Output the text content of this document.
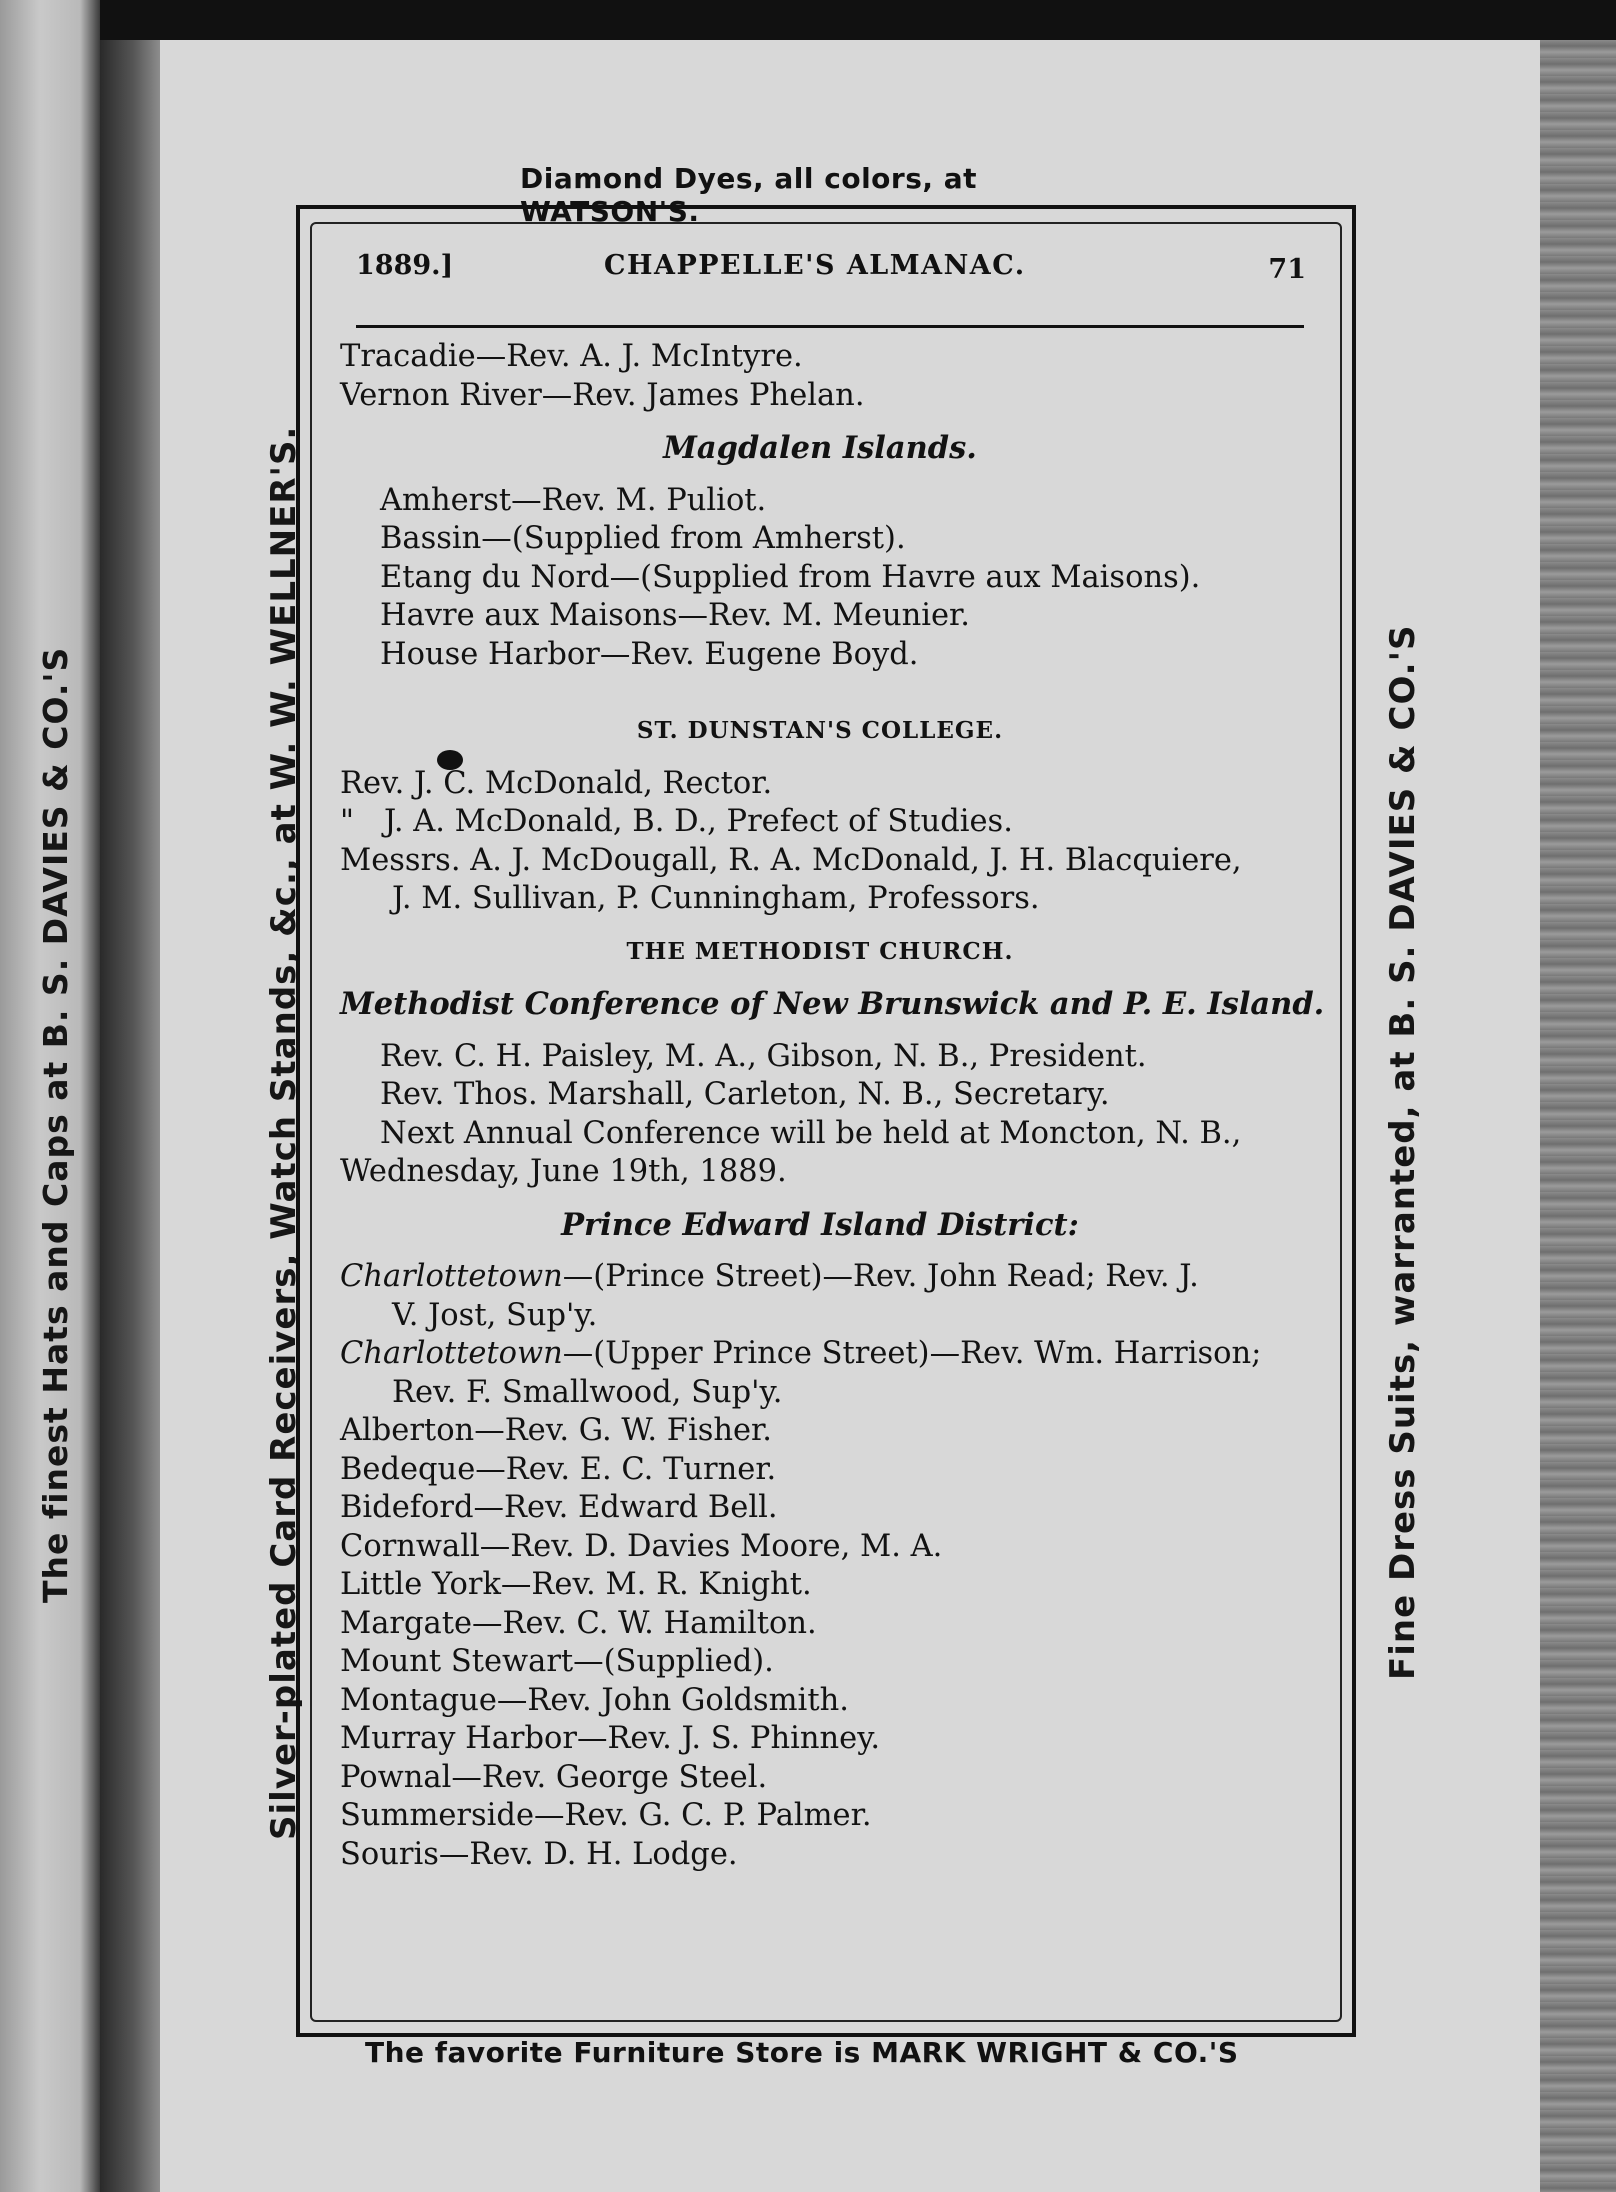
The finest Hats and Caps at B. S. DAVIES & CO.'S	Silver-plated Card Receivers, Watch Stands, &c., at W. W. WELLNER'S.	Fine Dress Suits, warranted, at B. S. DAVIES & CO.'S
Diamond Dyes, all colors, at WATSON'S.
1889.]	CHAPPELLE'S ALMANAC.	71
Tracadie—Rev. A. J. McIntyre.
Vernon River—Rev. James Phelan.
Magdalen Islands.
Amherst—Rev. M. Puliot.
Bassin—(Supplied from Amherst).
Etang du Nord—(Supplied from Havre aux Maisons).
Havre aux Maisons—Rev. M. Meunier.
House Harbor—Rev. Eugene Boyd.
ST. DUNSTAN'S COLLEGE.
Rev. J. C. McDonald, Rector.
" J. A. McDonald, B. D., Prefect of Studies.
Messrs. A. J. McDougall, R. A. McDonald, J. H. Blacquiere,
J. M. Sullivan, P. Cunningham, Professors.
THE METHODIST CHURCH.
Methodist Conference of New Brunswick and P. E. Island.
Rev. C. H. Paisley, M. A., Gibson, N. B., President.
Rev. Thos. Marshall, Carleton, N. B., Secretary.
Next Annual Conference will be held at Moncton, N. B.,
Wednesday, June 19th, 1889.
Prince Edward Island District:
Charlottetown—(Prince Street)—Rev. John Read; Rev. J.
V. Jost, Sup'y.
Charlottetown—(Upper Prince Street)—Rev. Wm. Harrison;
Rev. F. Smallwood, Sup'y.
Alberton—Rev. G. W. Fisher.
Bedeque—Rev. E. C. Turner.
Bideford—Rev. Edward Bell.
Cornwall—Rev. D. Davies Moore, M. A.
Little York—Rev. M. R. Knight.
Margate—Rev. C. W. Hamilton.
Mount Stewart—(Supplied).
Montague—Rev. John Goldsmith.
Murray Harbor—Rev. J. S. Phinney.
Pownal—Rev. George Steel.
Summerside—Rev. G. C. P. Palmer.
Souris—Rev. D. H. Lodge.
The favorite Furniture Store is MARK WRIGHT & CO.'S
